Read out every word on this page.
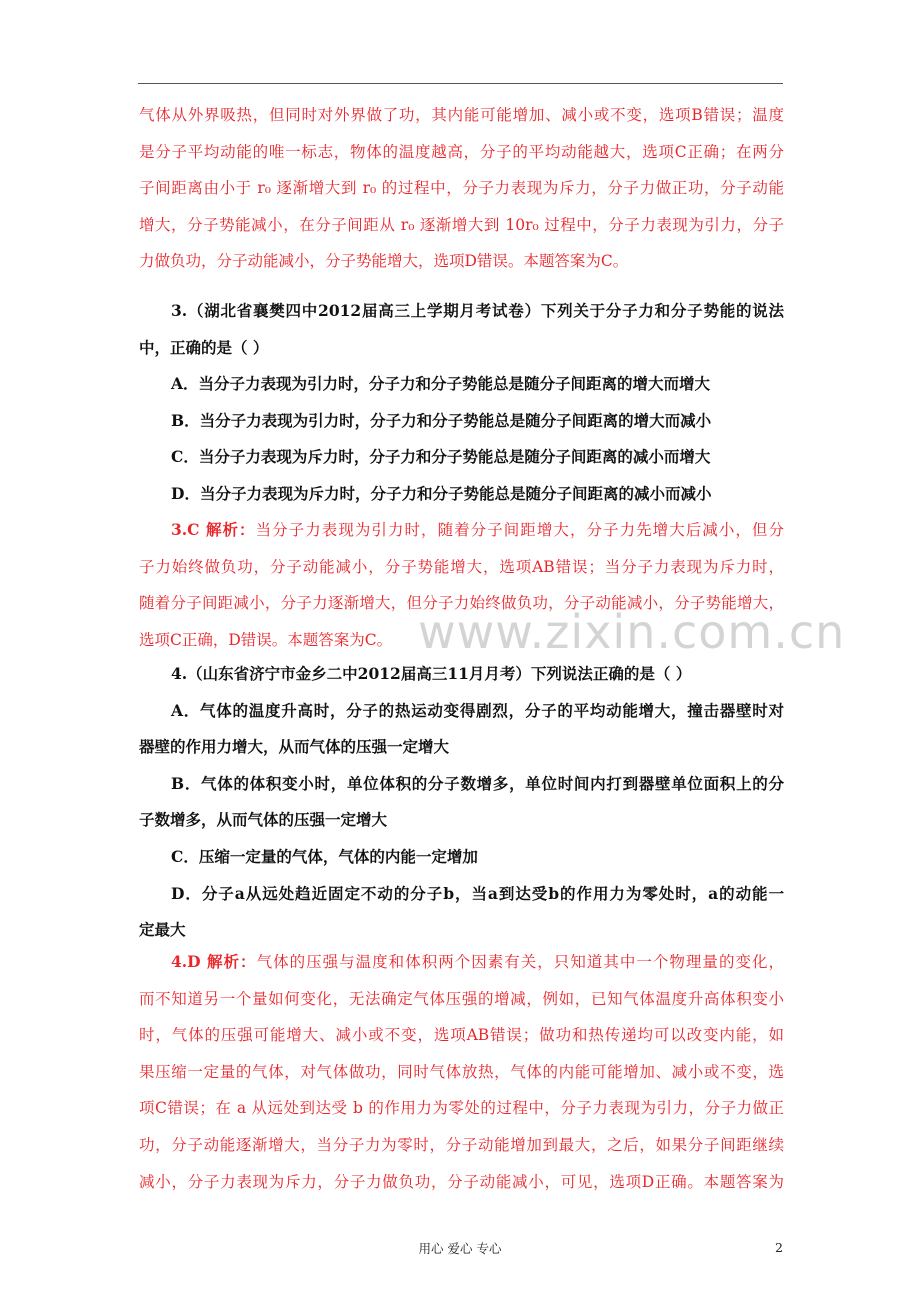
www.zixin.com.cn
气体从外界吸热，但同时对外界做了功，其内能可能增加、减小或不变，选项B错误；温度
是分子平均动能的唯一标志，物体的温度越高，分子的平均动能越大，选项C正确；在两分
子间距离由小于 r₀ 逐渐增大到 r₀ 的过程中，分子力表现为斥力，分子力做正功，分子动能
增大，分子势能减小，在分子间距从 r₀ 逐渐增大到 10r₀ 过程中，分子力表现为引力，分子
力做负功，分子动能减小，分子势能增大，选项D错误。本题答案为C。
3.（湖北省襄樊四中2012届高三上学期月考试卷）下列关于分子力和分子势能的说法
中，正确的是（ ）
A．当分子力表现为引力时，分子力和分子势能总是随分子间距离的增大而增大
B．当分子力表现为引力时，分子力和分子势能总是随分子间距离的增大而减小
C．当分子力表现为斥力时，分子力和分子势能总是随分子间距离的减小而增大
D．当分子力表现为斥力时，分子力和分子势能总是随分子间距离的减小而减小
3.C 解析：当分子力表现为引力时，随着分子间距增大，分子力先增大后减小，但分
子力始终做负功，分子动能减小，分子势能增大，选项AB错误；当分子力表现为斥力时，
随着分子间距减小，分子力逐渐增大，但分子力始终做负功，分子动能减小，分子势能增大，
选项C正确，D错误。本题答案为C。
4.（山东省济宁市金乡二中2012届高三11月月考）下列说法正确的是（ ）
A．气体的温度升高时，分子的热运动变得剧烈，分子的平均动能增大，撞击器壁时对
器壁的作用力增大，从而气体的压强一定增大
B．气体的体积变小时，单位体积的分子数增多，单位时间内打到器壁单位面积上的分
子数增多，从而气体的压强一定增大
C．压缩一定量的气体，气体的内能一定增加
D．分子a从远处趋近固定不动的分子b，当a到达受b的作用力为零处时，a的动能一
定最大
4.D 解析：气体的压强与温度和体积两个因素有关，只知道其中一个物理量的变化，
而不知道另一个量如何变化，无法确定气体压强的增减，例如，已知气体温度升高体积变小
时，气体的压强可能增大、减小或不变，选项AB错误；做功和热传递均可以改变内能，如
果压缩一定量的气体，对气体做功，同时气体放热，气体的内能可能增加、减小或不变，选
项C错误；在 a 从远处到达受 b 的作用力为零处的过程中，分子力表现为引力，分子力做正
功，分子动能逐渐增大，当分子力为零时，分子动能增加到最大，之后，如果分子间距继续
减小，分子力表现为斥力，分子力做负功，分子动能减小，可见，选项D正确。本题答案为
用心 爱心 专心	2
